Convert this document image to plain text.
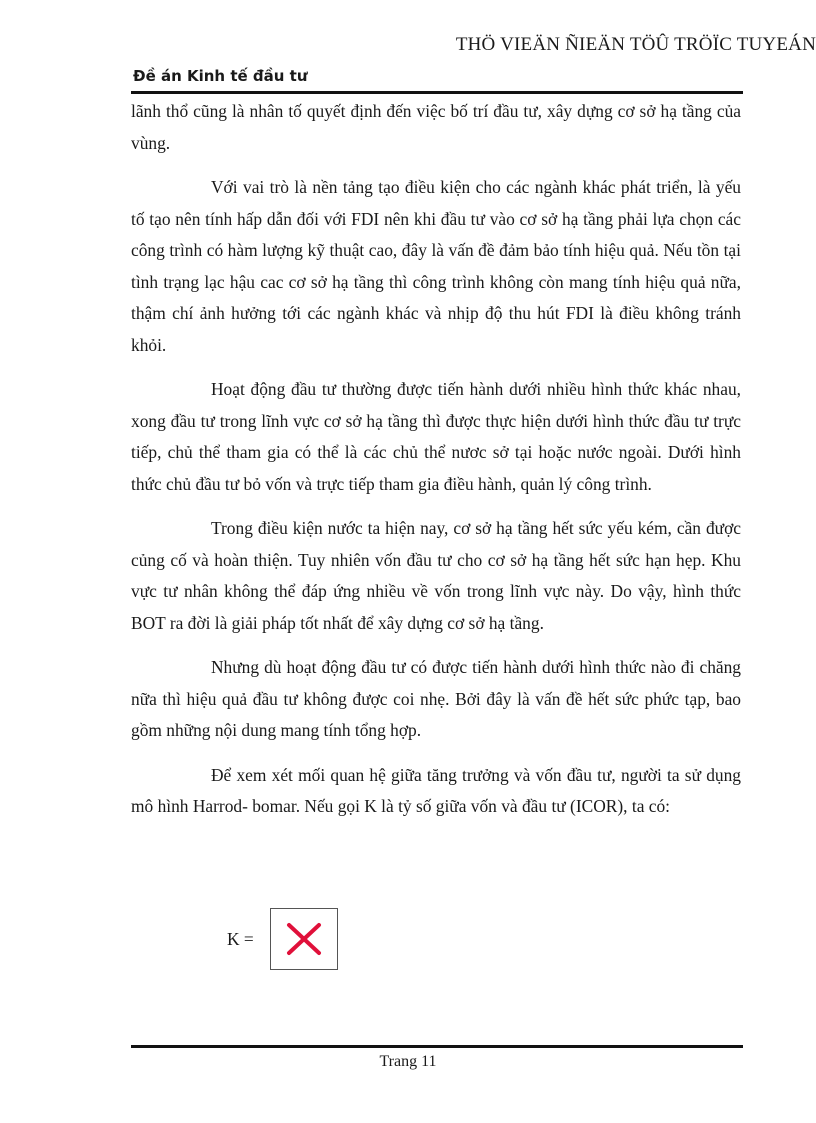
THÖ VIEÄN ÑIEÄN TÖÛ TRÖÏC TUYEÁN
Đề án Kinh tế đầu tư

lãnh thổ cũng là nhân tố quyết định đến việc bố trí đầu tư, xây dựng cơ sở hạ tầng của vùng.

Với vai trò là nền tảng tạo điều kiện cho các ngành khác phát triển, là yếu tố tạo nên tính hấp dẫn đối với FDI nên khi đầu tư vào cơ sở hạ tầng phải lựa chọn các công trình có hàm lượng kỹ thuật cao, đây là vấn đề đảm bảo tính hiệu quả. Nếu tồn tại tình trạng lạc hậu cac cơ sở hạ tầng thì công trình không còn mang tính hiệu quả nữa, thậm chí ảnh hưởng tới các ngành khác và nhịp độ thu hút FDI là điều không tránh khỏi.

Hoạt động đầu tư thường được tiến hành dưới nhiều hình thức khác nhau, xong đầu tư trong lĩnh vực cơ sở hạ tầng thì được thực hiện dưới hình thức đầu tư trực tiếp, chủ thể tham gia có thể là các chủ thể nươc sở tại hoặc nước ngoài. Dưới hình thức chủ đầu tư bỏ vốn và trực tiếp tham gia điều hành, quản lý công trình.

Trong điều kiện nước ta hiện nay, cơ sở hạ tầng hết sức yếu kém, cần được củng cố và hoàn thiện. Tuy nhiên vốn đầu tư cho cơ sở hạ tầng hết sức hạn hẹp. Khu vực tư nhân không thể đáp ứng nhiều về vốn trong lĩnh vực này. Do vậy, hình thức BOT ra đời là giải pháp tốt nhất để xây dựng cơ sở hạ tầng.

Nhưng dù hoạt động đầu tư có được tiến hành dưới hình thức nào đi chăng nữa thì hiệu quả đầu tư không được coi nhẹ. Bởi đây là vấn đề hết sức phức tạp, bao gồm những nội dung mang tính tổng hợp.

Để xem xét mối quan hệ giữa tăng trưởng và vốn đầu tư, người ta sử dụng mô hình Harrod- bomar. Nếu gọi K là tỷ số giữa vốn và đầu tư (ICOR), ta có:

K =
Trang 11
